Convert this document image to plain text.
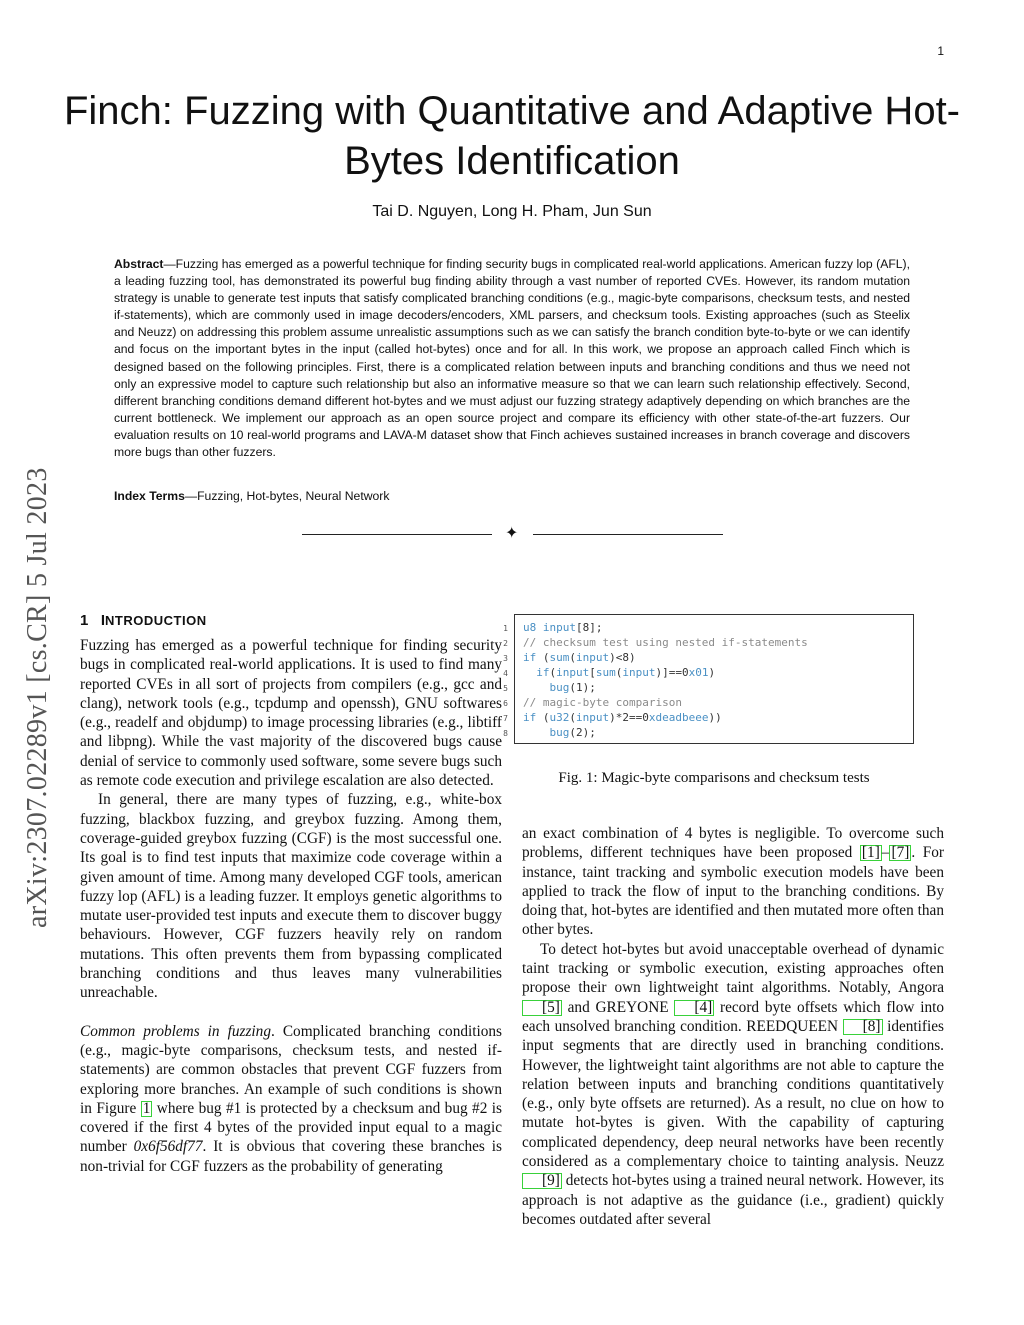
1
Finch: Fuzzing with Quantitative and Adaptive Hot-Bytes Identification
Tai D. Nguyen, Long H. Pham, Jun Sun
Abstract—Fuzzing has emerged as a powerful technique for finding security bugs in complicated real-world applications. American fuzzy lop (AFL), a leading fuzzing tool, has demonstrated its powerful bug finding ability through a vast number of reported CVEs. However, its random mutation strategy is unable to generate test inputs that satisfy complicated branching conditions (e.g., magic-byte comparisons, checksum tests, and nested if-statements), which are commonly used in image decoders/encoders, XML parsers, and checksum tools. Existing approaches (such as Steelix and Neuzz) on addressing this problem assume unrealistic assumptions such as we can satisfy the branch condition byte-to-byte or we can identify and focus on the important bytes in the input (called hot-bytes) once and for all. In this work, we propose an approach called Finch which is designed based on the following principles. First, there is a complicated relation between inputs and branching conditions and thus we need not only an expressive model to capture such relationship but also an informative measure so that we can learn such relationship effectively. Second, different branching conditions demand different hot-bytes and we must adjust our fuzzing strategy adaptively depending on which branches are the current bottleneck. We implement our approach as an open source project and compare its efficiency with other state-of-the-art fuzzers. Our evaluation results on 10 real-world programs and LAVA-M dataset show that Finch achieves sustained increases in branch coverage and discovers more bugs than other fuzzers.
Index Terms—Fuzzing, Hot-bytes, Neural Network
✦
arXiv:2307.02289v1 [cs.CR] 5 Jul 2023 1 INTRODUCTION

Fuzzing has emerged as a powerful technique for finding security bugs in complicated real-world applications. It is used to find many reported CVEs in all sort of projects from compilers (e.g., gcc and clang), network tools (e.g., tcpdump and openssh), GNU softwares (e.g., readelf and objdump) to image processing libraries (e.g., libtiff and libpng). While the vast majority of the discovered bugs cause denial of service to commonly used software, some severe bugs such as remote code execution and privilege escalation are also detected.

In general, there are many types of fuzzing, e.g., white-box fuzzing, blackbox fuzzing, and greybox fuzzing. Among them, coverage-guided greybox fuzzing (CGF) is the most successful one. Its goal is to find test inputs that maximize code coverage within a given amount of time. Among many developed CGF tools, american fuzzy lop (AFL) is a leading fuzzer. It employs genetic algorithms to mutate user-provided test inputs and execute them to discover buggy behaviours. However, CGF fuzzers heavily rely on random mutations. This often prevents them from bypassing complicated branching conditions and thus leaves many vulnerabilities unreachable.

Common problems in fuzzing. Complicated branching conditions (e.g., magic-byte comparisons, checksum tests, and nested if-statements) are common obstacles that prevent CGF fuzzers from exploring more branches. An example of such conditions is shown in Figure 1 where bug #1 is protected by a checksum and bug #2 is covered if the first 4 bytes of the provided input equal to a magic number 0x6f56df77. It is obvious that covering these branches is non-trivial for CGF fuzzers as the probability of generating

1
2
3
4
5
6
7
8
u8 input[8];
// checksum test using nested if-statements
if (sum(input)<8)
if(input[sum(input)]==0x01)
bug(1);
// magic-byte comparison
if (u32(input)*2==0xdeadbeee))
bug(2);
Fig. 1: Magic-byte comparisons and checksum tests

an exact combination of 4 bytes is negligible. To overcome such problems, different techniques have been proposed [1] – [7] . For instance, taint tracking and symbolic execution models have been applied to track the flow of input to the branching conditions. By doing that, hot-bytes are identified and then mutated more often than other bytes.

To detect hot-bytes but avoid unacceptable overhead of dynamic taint tracking or symbolic execution, existing approaches often propose their own lightweight taint algorithms. Notably, Angora [5] and GREYONE [4] record byte offsets which flow into each unsolved branching condition. REEDQUEEN [8] identifies input segments that are directly used in branching conditions. However, the lightweight taint algorithms are not able to capture the relation between inputs and branching conditions quantitatively (e.g., only byte offsets are returned). As a result, no clue on how to mutate hot-bytes is given. With the capability of capturing complicated dependency, deep neural networks have been recently considered as a complementary choice to tainting analysis. Neuzz [9] detects hot-bytes using a trained neural network. However, its approach is not adaptive as the guidance (i.e., gradient) quickly becomes outdated after several
